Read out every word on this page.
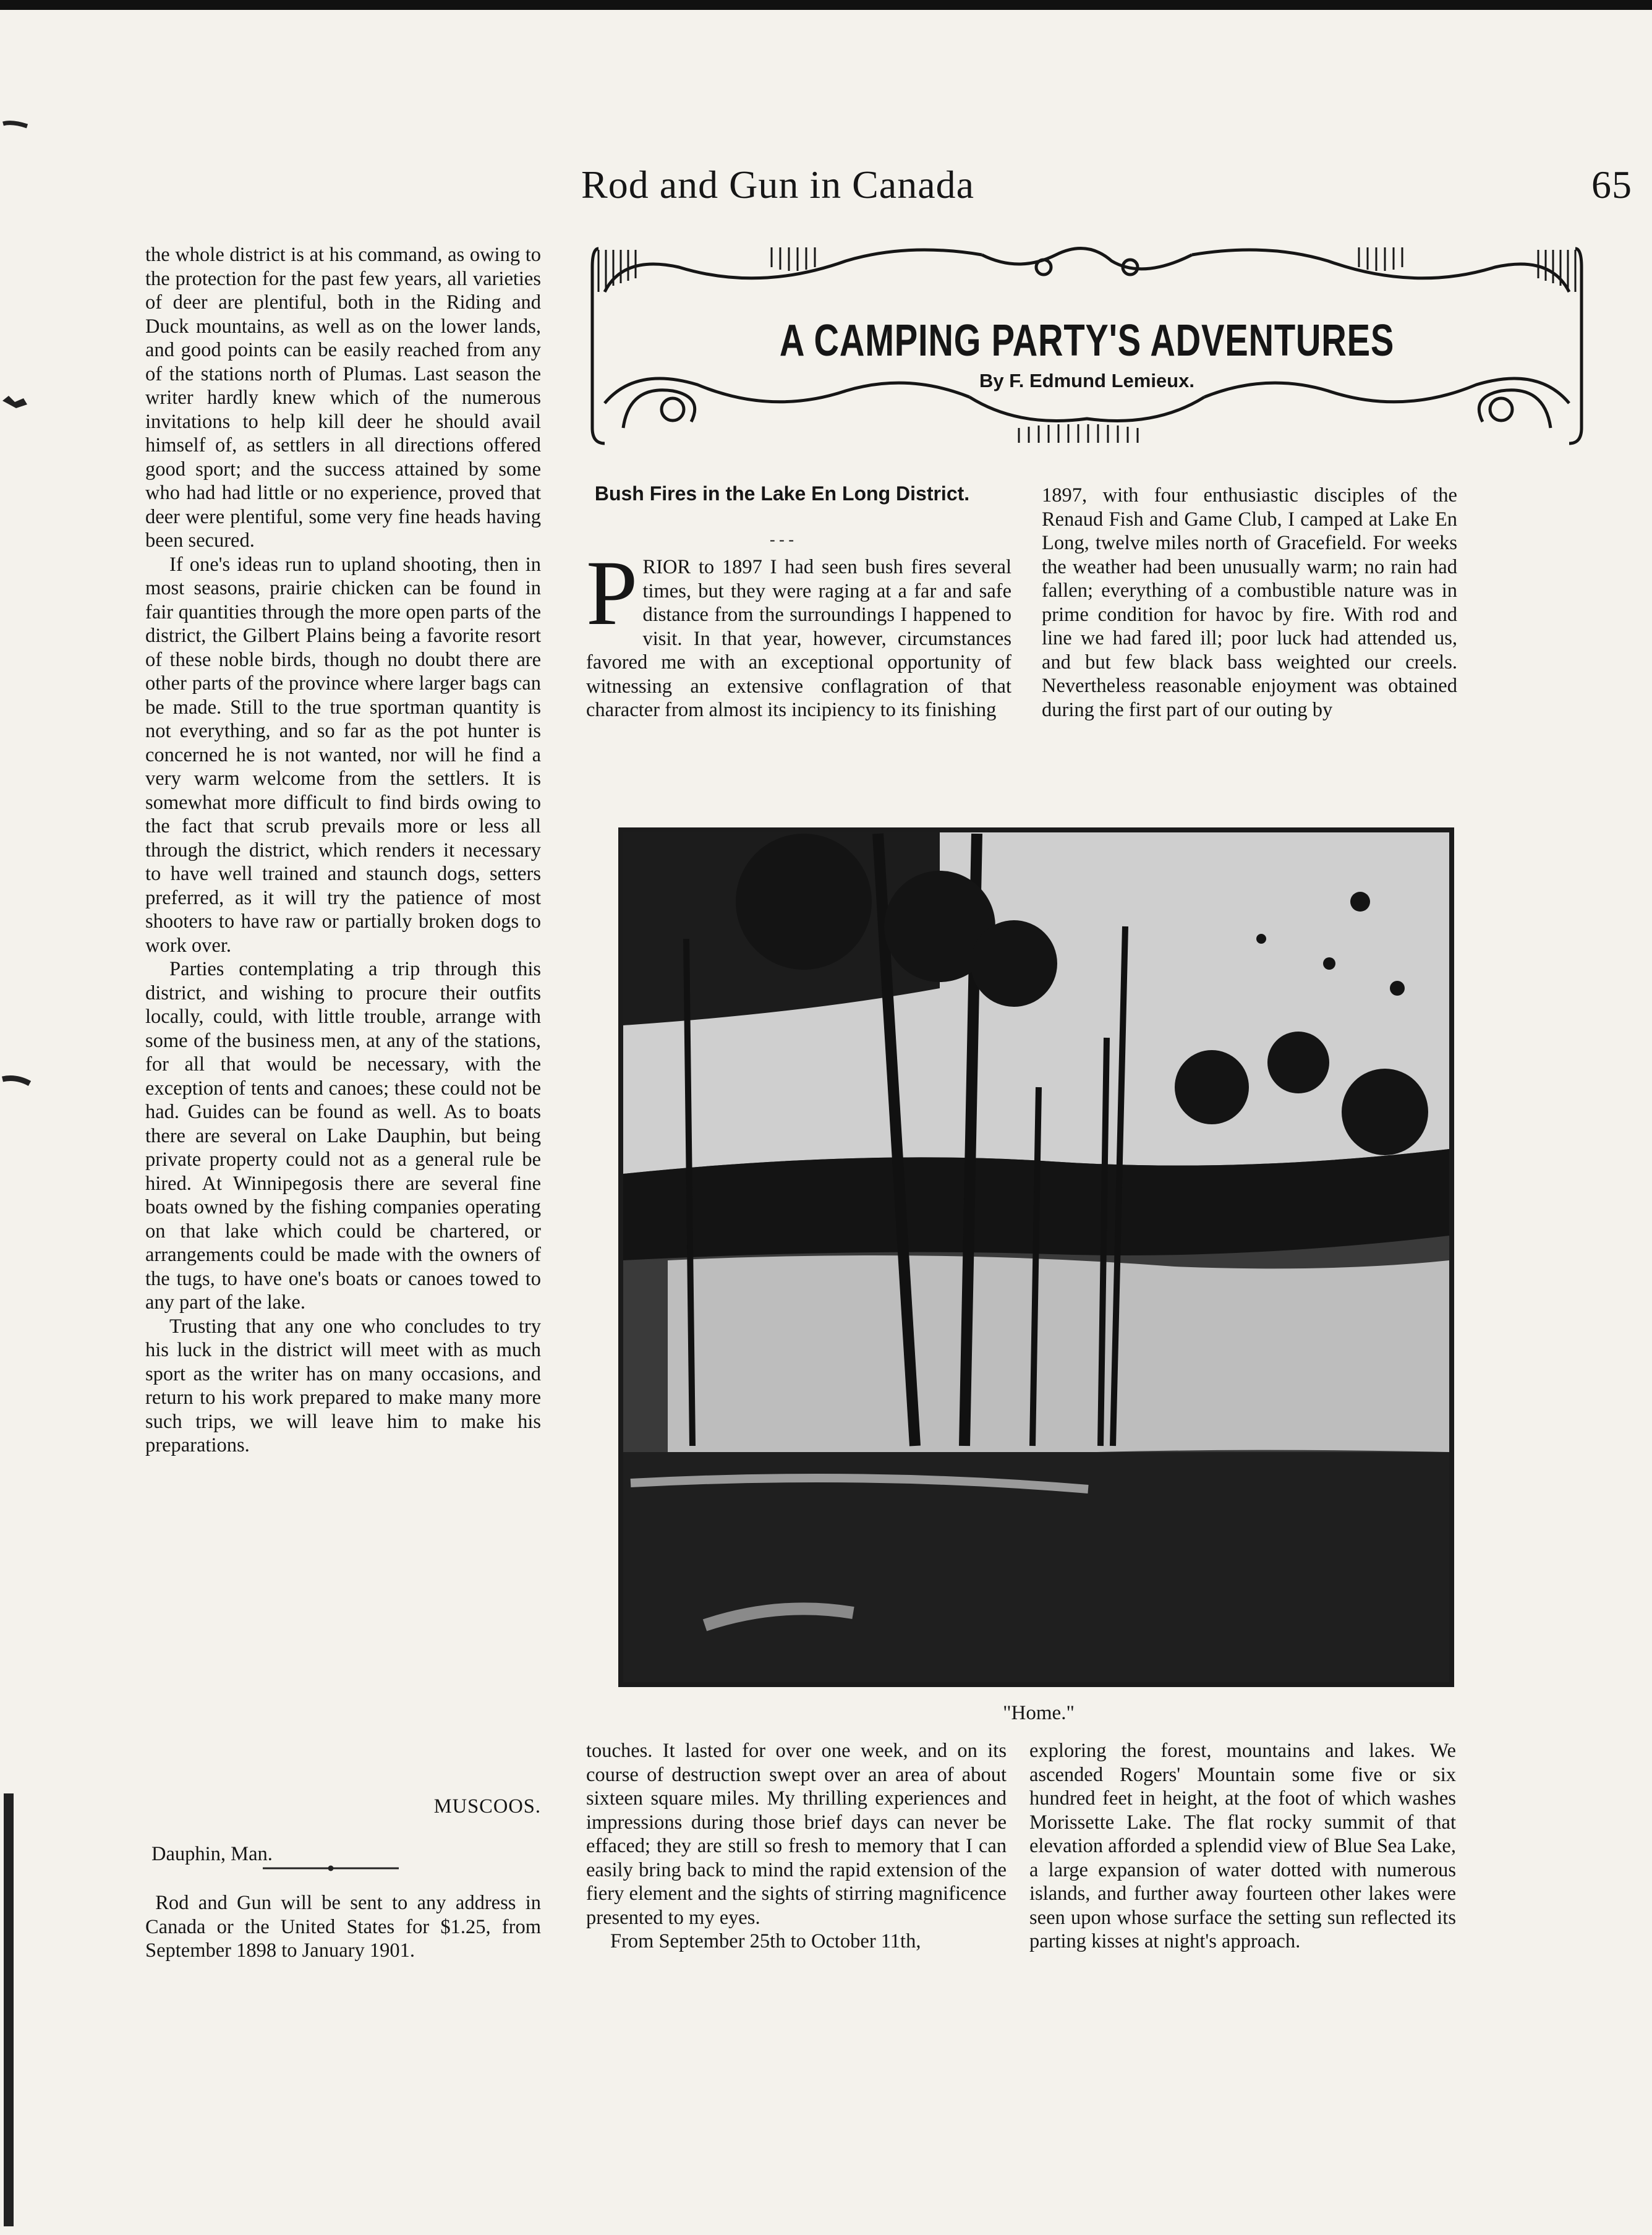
Rod and Gun in Canada	65

the whole district is at his command, as owing to the protection for the past few years, all varieties of deer are plentiful, both in the Riding and Duck mountains, as well as on the lower lands, and good points can be easily reached from any of the stations north of Plumas. Last season the writer hardly knew which of the numerous invitations to help kill deer he should avail himself of, as settlers in all directions offered good sport; and the success attained by some who had had little or no experience, proved that deer were plentiful, some very fine heads having been secured.

If one's ideas run to upland shooting, then in most seasons, prairie chicken can be found in fair quantities through the more open parts of the district, the Gilbert Plains being a favorite resort of these noble birds, though no doubt there are other parts of the province where larger bags can be made. Still to the true sportman quantity is not everything, and so far as the pot hunter is concerned he is not wanted, nor will he find a very warm welcome from the settlers. It is somewhat more difficult to find birds owing to the fact that scrub prevails more or less all through the district, which renders it necessary to have well trained and staunch dogs, setters preferred, as it will try the patience of most shooters to have raw or partially broken dogs to work over.

Parties contemplating a trip through this district, and wishing to procure their outfits locally, could, with little trouble, arrange with some of the business men, at any of the stations, for all that would be necessary, with the exception of tents and canoes; these could not be had. Guides can be found as well. As to boats there are several on Lake Dauphin, but being private property could not as a general rule be hired. At Winnipegosis there are several fine boats owned by the fishing companies operating on that lake which could be chartered, or arrangements could be made with the owners of the tugs, to have one's boats or canoes towed to any part of the lake.

Trusting that any one who concludes to try his luck in the district will meet with as much sport as the writer has on many occasions, and return to his work prepared to make many more such trips, we will leave him to make his preparations.

MUSCOOS.
Dauphin, Man.

Rod and Gun will be sent to any address in Canada or the United States for $1.25, from September 1898 to January 1901.

A CAMPING PARTY'S ADVENTURES
By F. Edmund Lemieux.
Bush Fires in the Lake En Long District.
- - -

PRIOR to 1897 I had seen bush fires several times, but they were raging at a far and safe distance from the surroundings I happened to visit. In that year, however, circumstances favored me with an exceptional opportunity of witnessing an extensive conflagration of that character from almost its incipiency to its finishing

1897, with four enthusiastic disciples of the Renaud Fish and Game Club, I camped at Lake En Long, twelve miles north of Gracefield. For weeks the weather had been unusually warm; no rain had fallen; everything of a combustible nature was in prime condition for havoc by fire. With rod and line we had fared ill; poor luck had attended us, and but few black bass weighted our creels. Nevertheless reasonable enjoyment was obtained during the first part of our outing by

"Home."

touches. It lasted for over one week, and on its course of destruction swept over an area of about sixteen square miles. My thrilling experiences and impressions during those brief days can never be effaced; they are still so fresh to memory that I can easily bring back to mind the rapid extension of the fiery element and the sights of stirring magnificence presented to my eyes.

From September 25th to October 11th,

exploring the forest, mountains and lakes. We ascended Rogers' Mountain some five or six hundred feet in height, at the foot of which washes Morissette Lake. The flat rocky summit of that elevation afforded a splendid view of Blue Sea Lake, a large expansion of water dotted with numerous islands, and further away fourteen other lakes were seen upon whose surface the setting sun reflected its parting kisses at night's approach.
